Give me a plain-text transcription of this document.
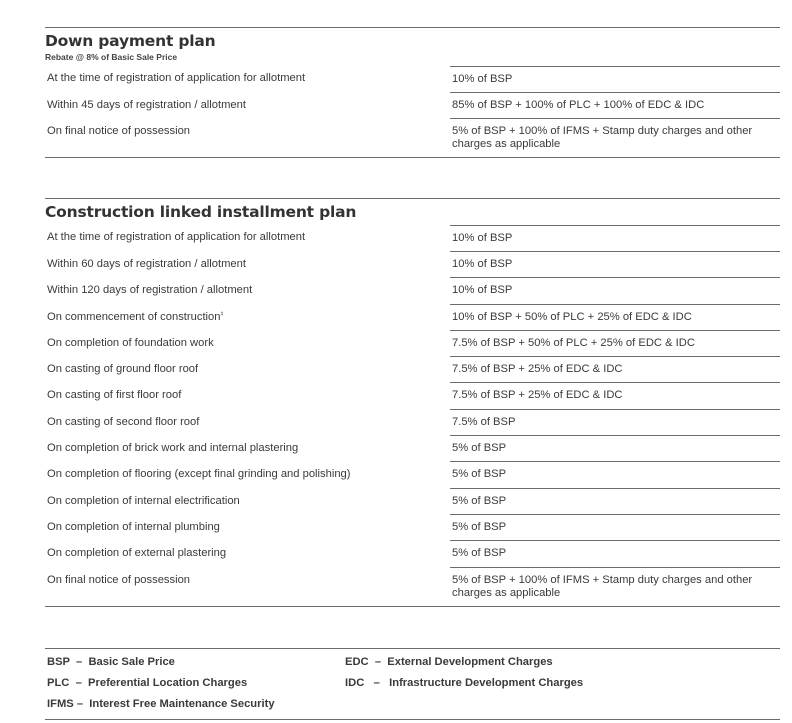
Down payment plan
Rebate @ 8% of Basic Sale Price
At the time of registration of application for allotment	10% of BSP
Within 45 days of registration / allotment	85% of BSP + 100% of PLC + 100% of EDC & IDC
On final notice of possession	5% of BSP + 100% of IFMS + Stamp duty charges and other charges as applicable
Construction linked installment plan
At the time of registration of application for allotment	10% of BSP
Within 60 days of registration / allotment	10% of BSP
Within 120 days of registration / allotment	10% of BSP
On commencement of construction#	10% of BSP + 50% of PLC + 25% of EDC & IDC
On completion of foundation work	7.5% of BSP + 50% of PLC + 25% of EDC & IDC
On casting of ground floor roof	7.5% of BSP + 25% of EDC & IDC
On casting of first floor roof	7.5% of BSP + 25% of EDC & IDC
On casting of second floor roof	7.5% of BSP
On completion of brick work and internal plastering	5% of BSP
On completion of flooring (except final grinding and polishing)	5% of BSP
On completion of internal electrification	5% of BSP
On completion of internal plumbing	5% of BSP
On completion of external plastering	5% of BSP
On final notice of possession	5% of BSP + 100% of IFMS + Stamp duty charges and other charges as applicable
BSP  –  Basic Sale Price
PLC  –  Preferential Location Charges
IFMS –  Interest Free Maintenance Security
EDC  –  External Development Charges
IDC   –   Infrastructure Development Charges
